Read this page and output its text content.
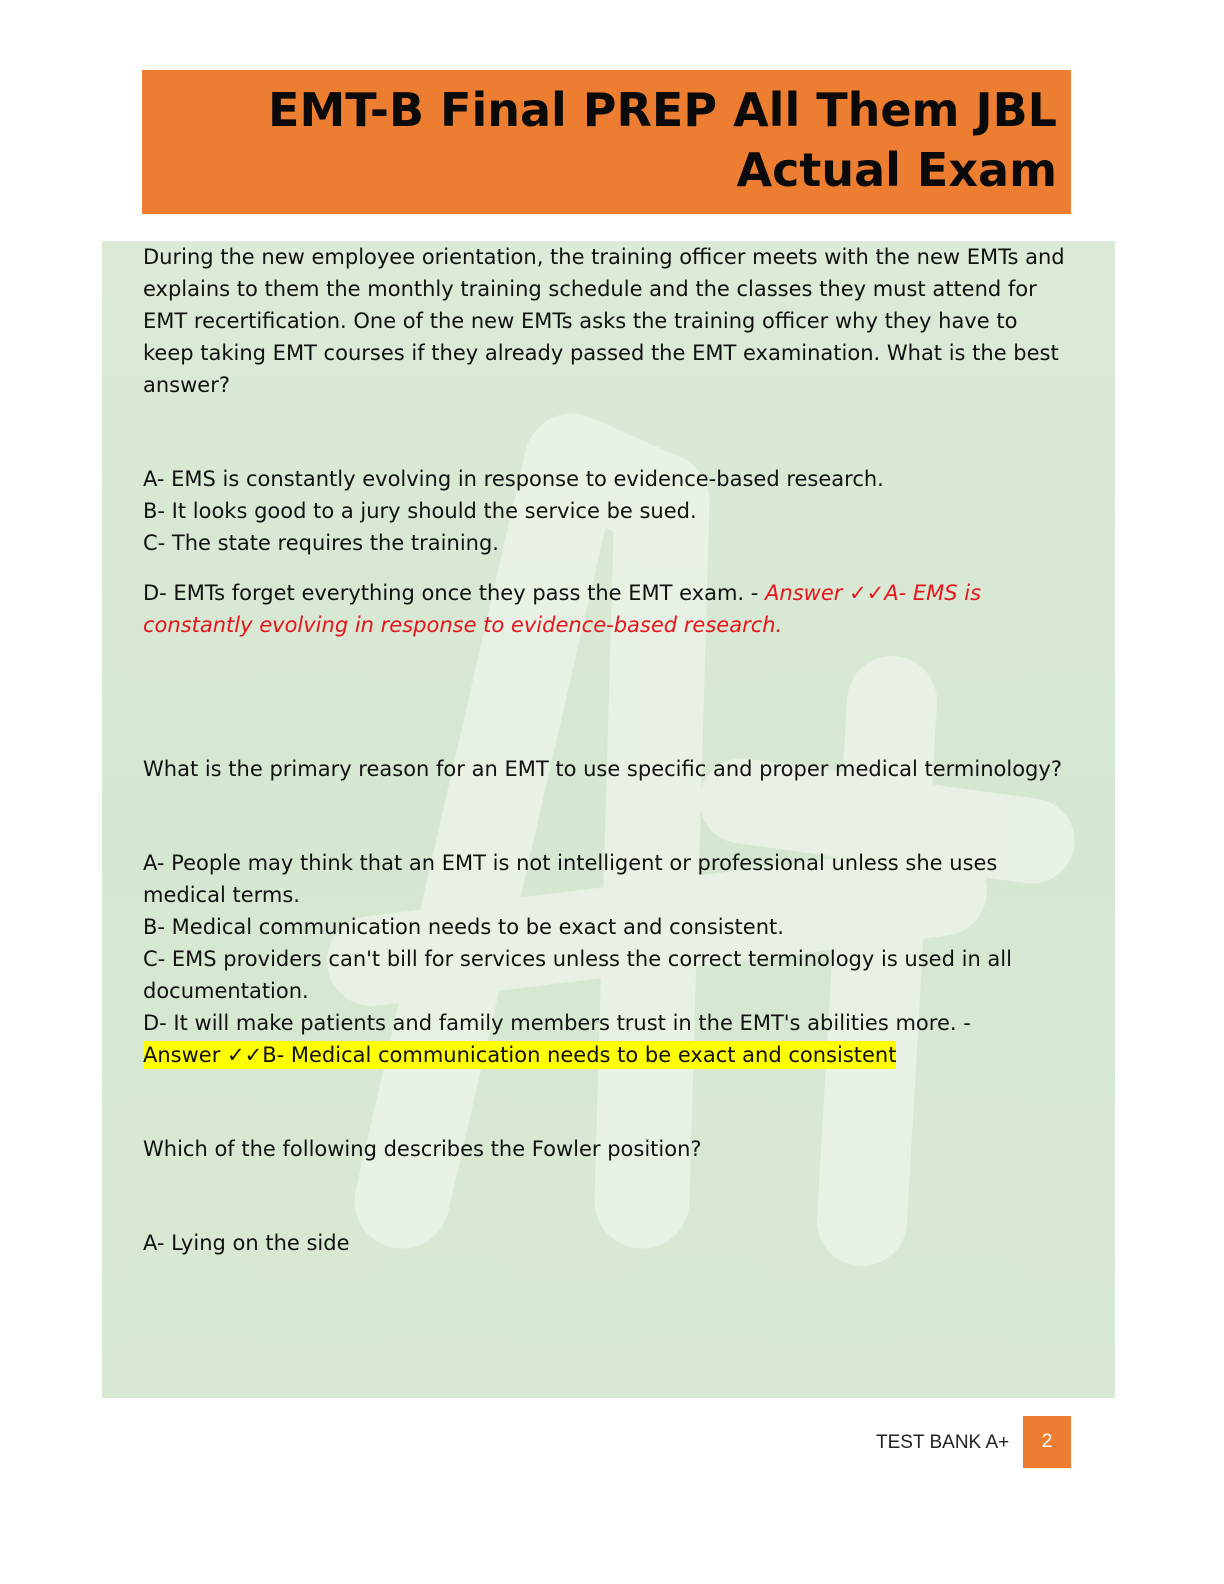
EMT-B Final PREP All Them JBL

Actual Exam

During the new employee orientation, the training officer meets with the new EMTs and explains to them the monthly training schedule and the classes they must attend for EMT recertification. One of the new EMTs asks the training officer why they have to keep taking EMT courses if they already passed the EMT examination. What is the best answer?

A- EMS is constantly evolving in response to evidence-based research.

B- It looks good to a jury should the service be sued.

C- The state requires the training.

D- EMTs forget everything once they pass the EMT exam. - Answer ✓✓A- EMS is constantly evolving in response to evidence-based research.

What is the primary reason for an EMT to use specific and proper medical terminology?

A- People may think that an EMT is not intelligent or professional unless she uses medical terms.

B- Medical communication needs to be exact and consistent.

C- EMS providers can't bill for services unless the correct terminology is used in all documentation.

D- It will make patients and family members trust in the EMT's abilities more. -
Answer ✓✓B- Medical communication needs to be exact and consistent

Which of the following describes the Fowler position?

A- Lying on the side

TEST BANK A+	2
